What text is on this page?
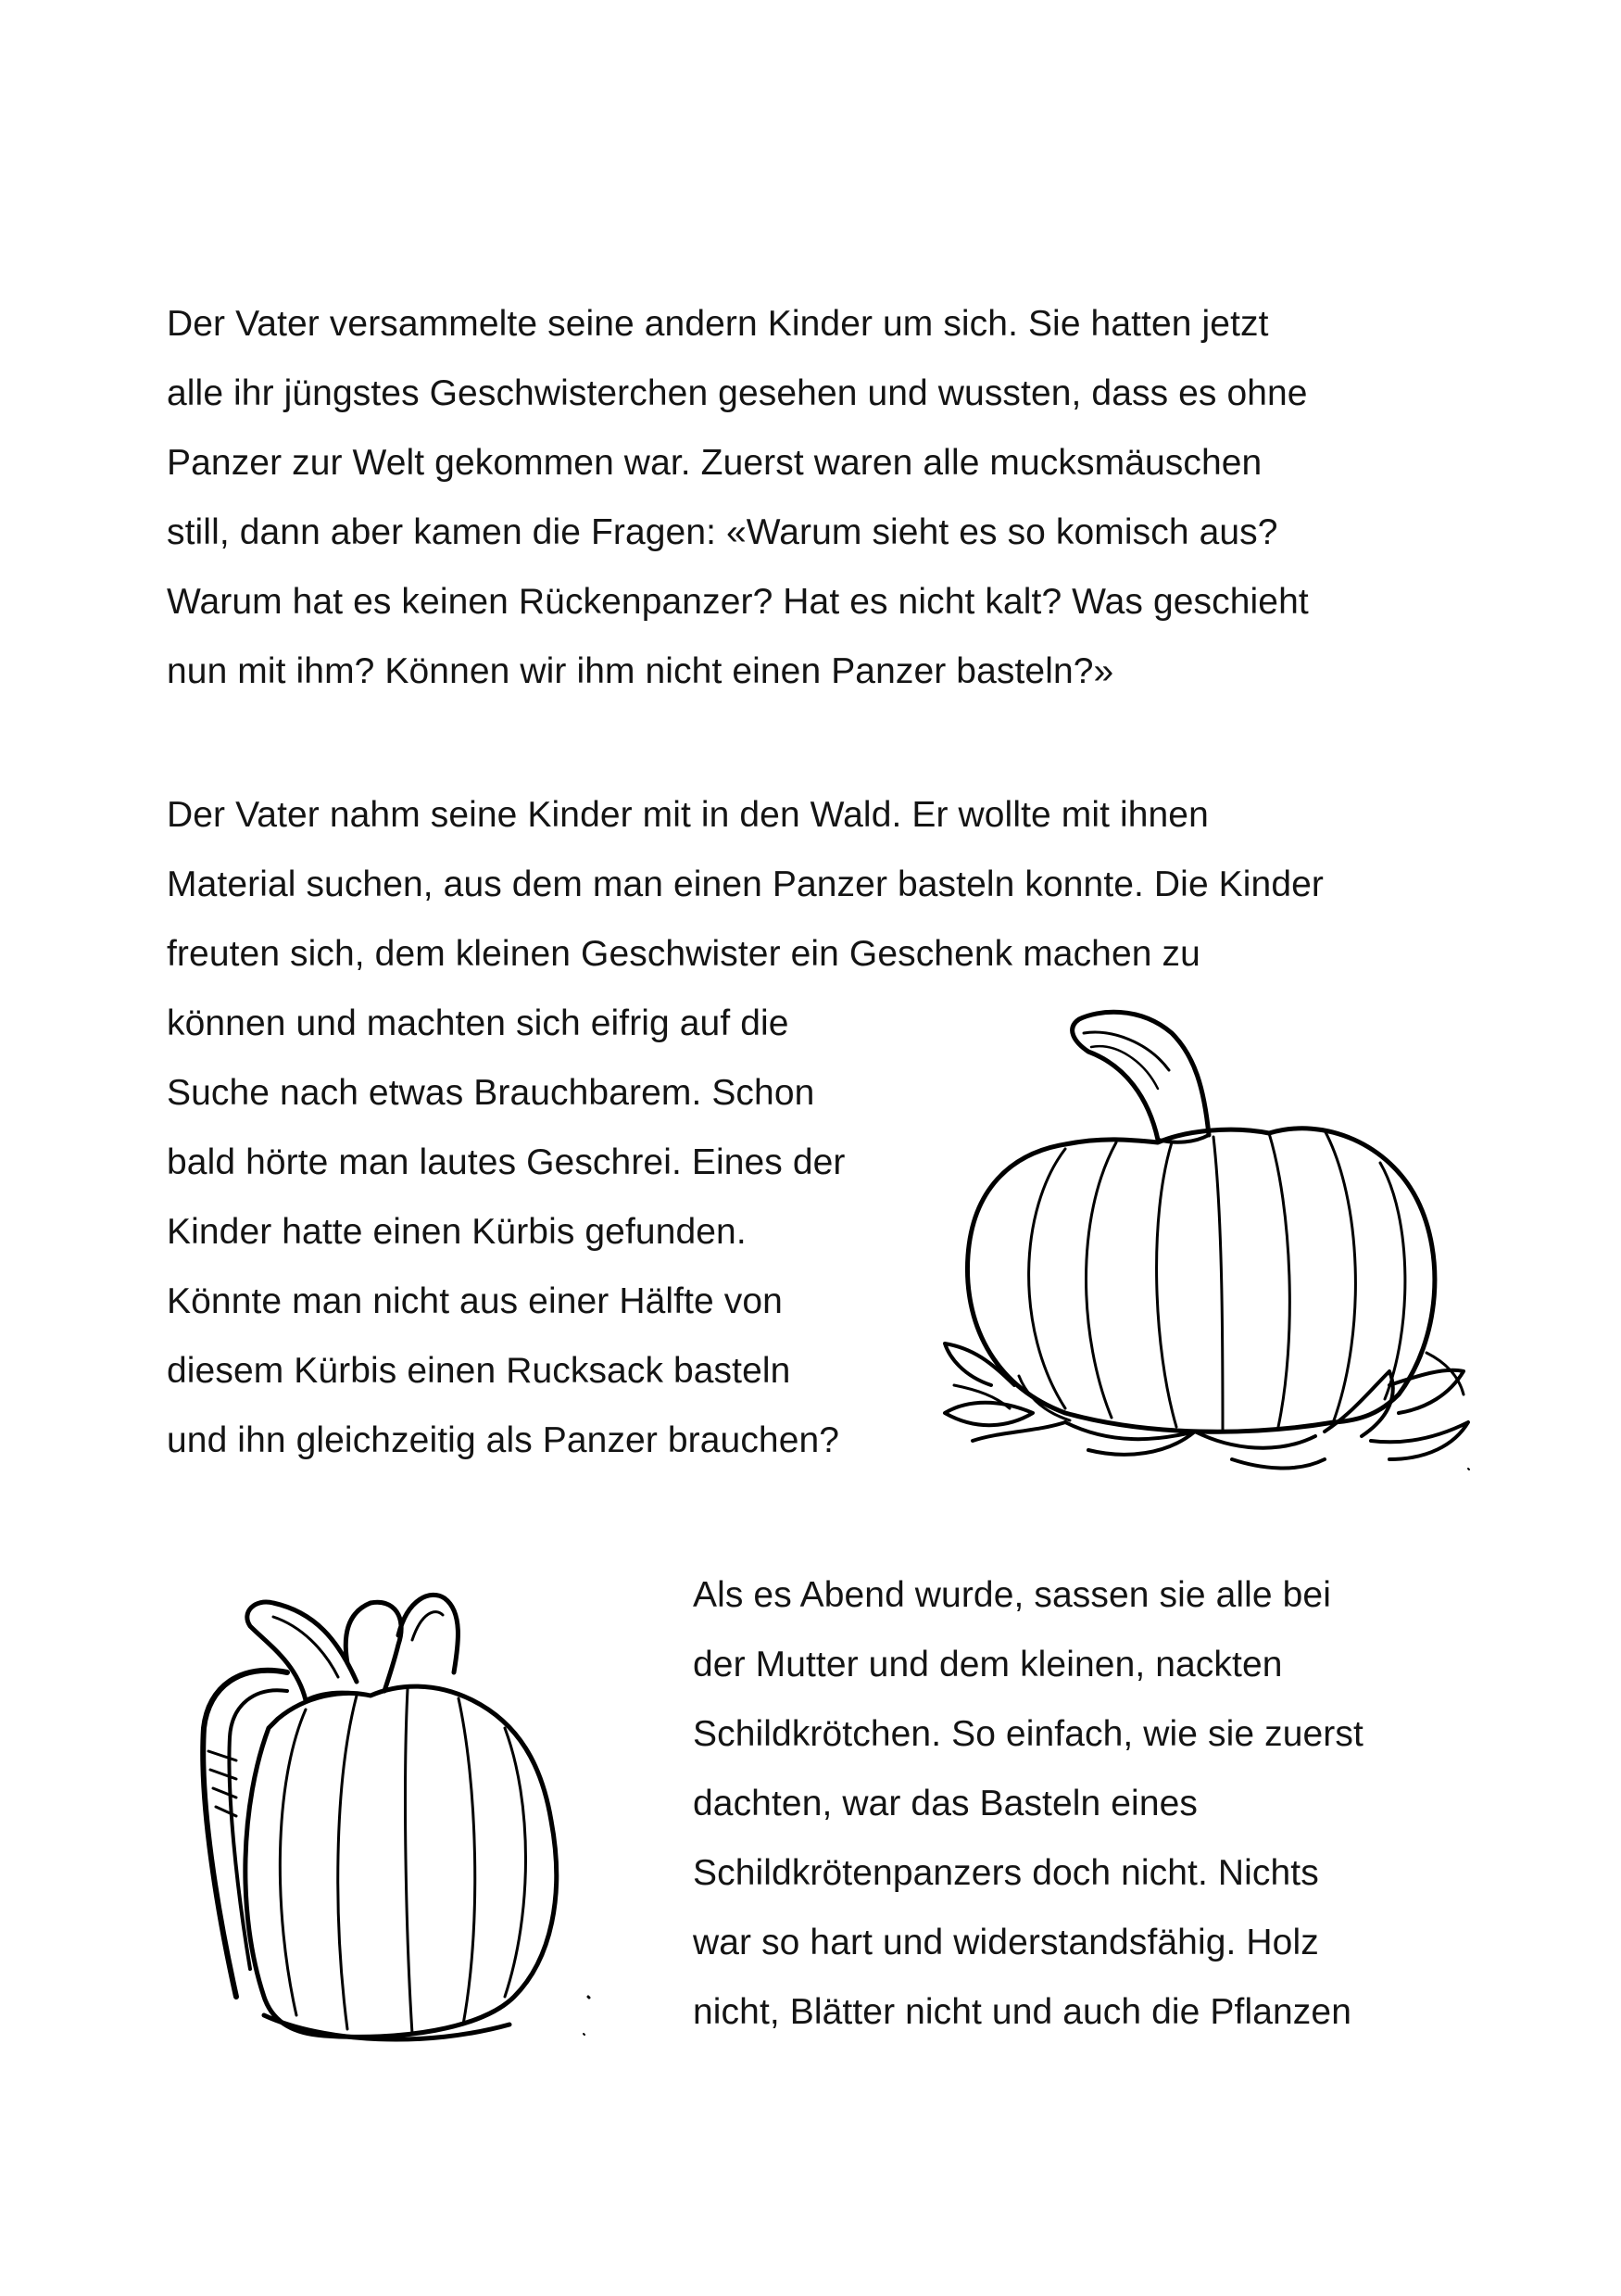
Der Vater versammelte seine andern Kinder um sich. Sie hatten jetzt
alle ihr jüngstes Geschwisterchen gesehen und wussten, dass es ohne
Panzer zur Welt gekommen war. Zuerst waren alle mucksmäuschen
still, dann aber kamen die Fragen: «Warum sieht es so komisch aus?
Warum hat es keinen Rückenpanzer? Hat es nicht kalt? Was geschieht
nun mit ihm? Können wir ihm nicht einen Panzer basteln?»
Der Vater nahm seine Kinder mit in den Wald. Er wollte mit ihnen
Material suchen, aus dem man einen Panzer basteln konnte. Die Kinder
freuten sich, dem kleinen Geschwister ein Geschenk machen zu
können und machten sich eifrig auf die
Suche nach etwas Brauchbarem. Schon
bald hörte man lautes Geschrei. Eines der
Kinder hatte einen Kürbis gefunden.
Könnte man nicht aus einer Hälfte von
diesem Kürbis einen Rucksack basteln
und ihn gleichzeitig als Panzer brauchen?
Als es Abend wurde, sassen sie alle bei
der Mutter und dem kleinen, nackten
Schildkrötchen. So einfach, wie sie zuerst
dachten, war das Basteln eines
Schildkrötenpanzers doch nicht. Nichts
war so hart und widerstandsfähig. Holz
nicht, Blätter nicht und auch die Pflanzen
